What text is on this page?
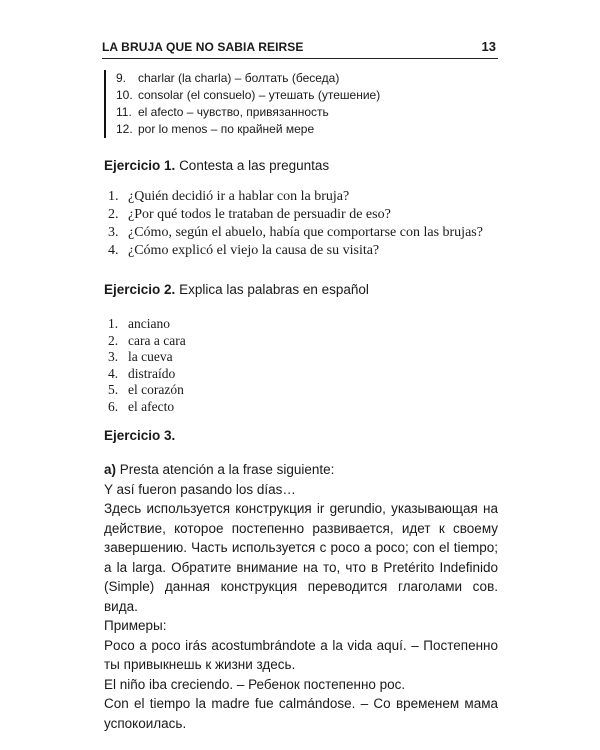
LA BRUJA QUE NO SABIA REIRSE	13
9. charlar (la charla) – болтать (беседа)
10. consolar (el consuelo) – утешать (утешение)
11. el afecto – чувство, привязанность
12. por lo menos – по крайней мере
Ejercicio 1. Contesta a las preguntas
1. ¿Quién decidió ir a hablar con la bruja?
2. ¿Por qué todos le trataban de persuadir de eso?
3. ¿Cómo, según el abuelo, había que comportarse con las brujas?
4. ¿Cómo explicó el viejo la causa de su visita?
Ejercicio 2. Explica las palabras en español
1. anciano
2. cara a cara
3. la cueva
4. distraído
5. el corazón
6. el afecto
Ejercicio 3.

a) Presta atención a la frase siguiente:

Y así fueron pasando los días…

Здесь используется конструкция ir gerundio, указывающая на действие, которое постепенно развивается, идет к своему завершению. Часть используется с poco a poco; con el tiempo; a la larga. Обратите внимание на то, что в Pretérito Indefinido (Simple) данная конструкция переводится глаголами сов. вида.

Примеры:

Poco a poco irás acostumbrándote a la vida aquí. – Постепенно ты привыкнешь к жизни здесь.

El niño iba creciendo. – Ребенок постепенно рос.

Con el tiempo la madre fue calmándose. – Со временем мама успокоилась.
